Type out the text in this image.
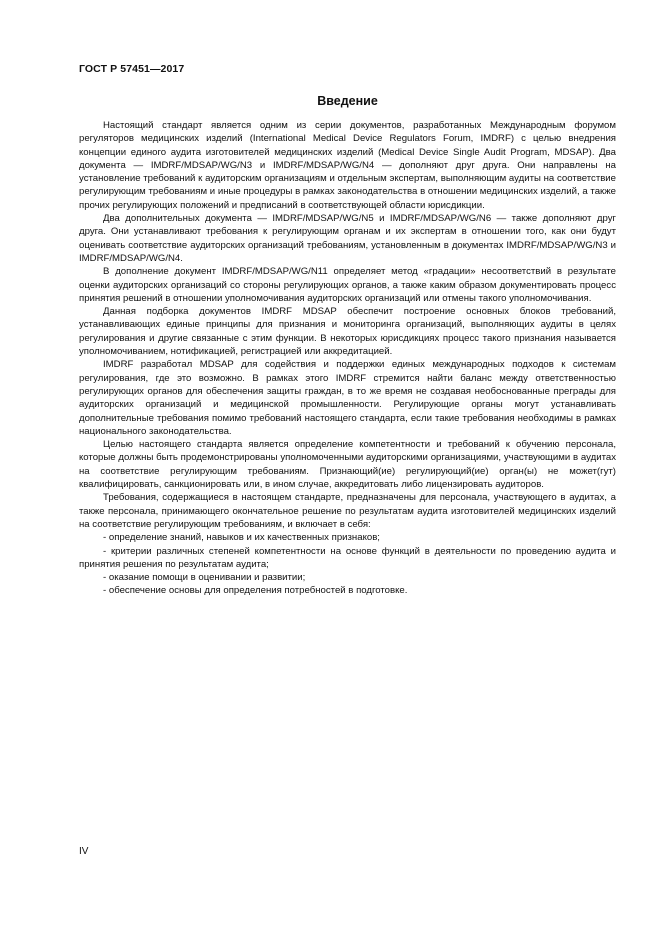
ГОСТ Р 57451—2017
Введение

Настоящий стандарт является одним из серии документов, разработанных Международным форумом регуляторов медицинских изделий (International Medical Device Regulators Forum, IMDRF) с целью внедрения концепции единого аудита изготовителей медицинских изделий (Medical Device Single Audit Program, MDSAP). Два документа — IMDRF/MDSAP/WG/N3 и IMDRF/MDSAP/WG/N4 — дополняют друг друга. Они направлены на установление требований к аудиторским организациям и отдельным экспертам, выполняющим аудиты на соответствие регулирующим требованиям и иные процедуры в рамках законодательства в отношении медицинских изделий, а также прочих регулирующих положений и предписаний в соответствующей области юрисдикции.

Два дополнительных документа — IMDRF/MDSAP/WG/N5 и IMDRF/MDSAP/WG/N6 — также дополняют друг друга. Они устанавливают требования к регулирующим органам и их экспертам в отношении того, как они будут оценивать соответствие аудиторских организаций требованиям, установленным в документах IMDRF/MDSAP/WG/N3 и IMDRF/MDSAP/WG/N4.

В дополнение документ IMDRF/MDSAP/WG/N11 определяет метод «градации» несоответствий в результате оценки аудиторских организаций со стороны регулирующих органов, а также каким образом документировать процесс принятия решений в отношении уполномочивания аудиторских организаций или отмены такого уполномочивания.

Данная подборка документов IMDRF MDSAP обеспечит построение основных блоков требований, устанавливающих единые принципы для признания и мониторинга организаций, выполняющих аудиты в целях регулирования и другие связанные с этим функции. В некоторых юрисдикциях процесс такого признания называется уполномочиванием, нотификацией, регистрацией или аккредитацией.

IMDRF разработал MDSAP для содействия и поддержки единых международных подходов к системам регулирования, где это возможно. В рамках этого IMDRF стремится найти баланс между ответственностью регулирующих органов для обеспечения защиты граждан, в то же время не создавая необоснованные преграды для аудиторских организаций и медицинской промышленности. Регулирующие органы могут устанавливать дополнительные требования помимо требований настоящего стандарта, если такие требования необходимы в рамках национального законодательства.

Целью настоящего стандарта является определение компетентности и требований к обучению персонала, которые должны быть продемонстрированы уполномоченными аудиторскими организациями, участвующими в аудитах на соответствие регулирующим требованиям. Признающий(ие) регулирующий(ие) орган(ы) не может(гут) квалифицировать, санкционировать или, в ином случае, аккредитовать либо лицензировать аудиторов.

Требования, содержащиеся в настоящем стандарте, предназначены для персонала, участвующего в аудитах, а также персонала, принимающего окончательное решение по результатам аудита изготовителей медицинских изделий на соответствие регулирующим требованиям, и включает в себя:

- определение знаний, навыков и их качественных признаков;
- критерии различных степеней компетентности на основе функций в деятельности по проведению аудита и принятия решения по результатам аудита;
- оказание помощи в оценивании и развитии;
- обеспечение основы для определения потребностей в подготовке.
IV
